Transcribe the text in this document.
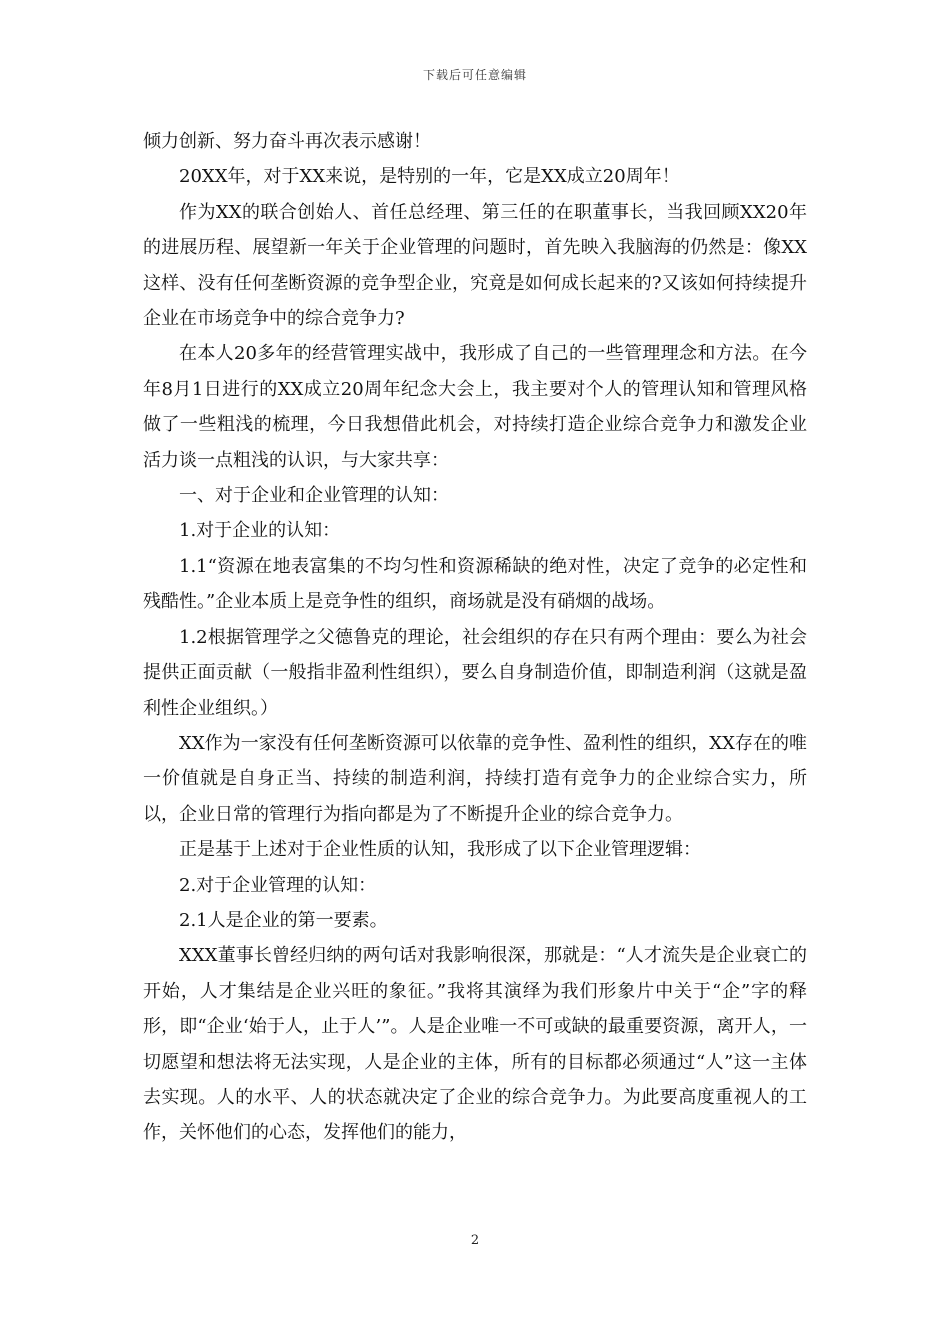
下载后可任意编辑

倾力创新、努力奋斗再次表示感谢！

20XX年，对于XX来说，是特别的一年，它是XX成立20周年！

作为XX的联合创始人、首任总经理、第三任的在职董事长，当我回顾XX20年的进展历程、展望新一年关于企业管理的问题时，首先映入我脑海的仍然是：像XX这样、没有任何垄断资源的竞争型企业，究竟是如何成长起来的?又该如何持续提升企业在市场竞争中的综合竞争力?

在本人20多年的经营管理实战中，我形成了自己的一些管理理念和方法。在今年8月1日进行的XX成立20周年纪念大会上，我主要对个人的管理认知和管理风格做了一些粗浅的梳理，今日我想借此机会，对持续打造企业综合竞争力和激发企业活力谈一点粗浅的认识，与大家共享：

一、对于企业和企业管理的认知：

1.对于企业的认知：

1.1“资源在地表富集的不均匀性和资源稀缺的绝对性，决定了竞争的必定性和残酷性。”企业本质上是竞争性的组织，商场就是没有硝烟的战场。

1.2根据管理学之父德鲁克的理论，社会组织的存在只有两个理由：要么为社会提供正面贡献（一般指非盈利性组织），要么自身制造价值，即制造利润（这就是盈利性企业组织。）

XX作为一家没有任何垄断资源可以依靠的竞争性、盈利性的组织，XX存在的唯一价值就是自身正当、持续的制造利润，持续打造有竞争力的企业综合实力，所以，企业日常的管理行为指向都是为了不断提升企业的综合竞争力。

正是基于上述对于企业性质的认知，我形成了以下企业管理逻辑：

2.对于企业管理的认知：

2.1人是企业的第一要素。

XXX董事长曾经归纳的两句话对我影响很深，那就是：“人才流失是企业衰亡的开始，人才集结是企业兴旺的象征。”我将其演绎为我们形象片中关于“企”字的释形，即“企业‘始于人，止于人’”。人是企业唯一不可或缺的最重要资源，离开人，一切愿望和想法将无法实现，人是企业的主体，所有的目标都必须通过“人”这一主体去实现。人的水平、人的状态就决定了企业的综合竞争力。为此要高度重视人的工作，关怀他们的心态，发挥他们的能力，

2
